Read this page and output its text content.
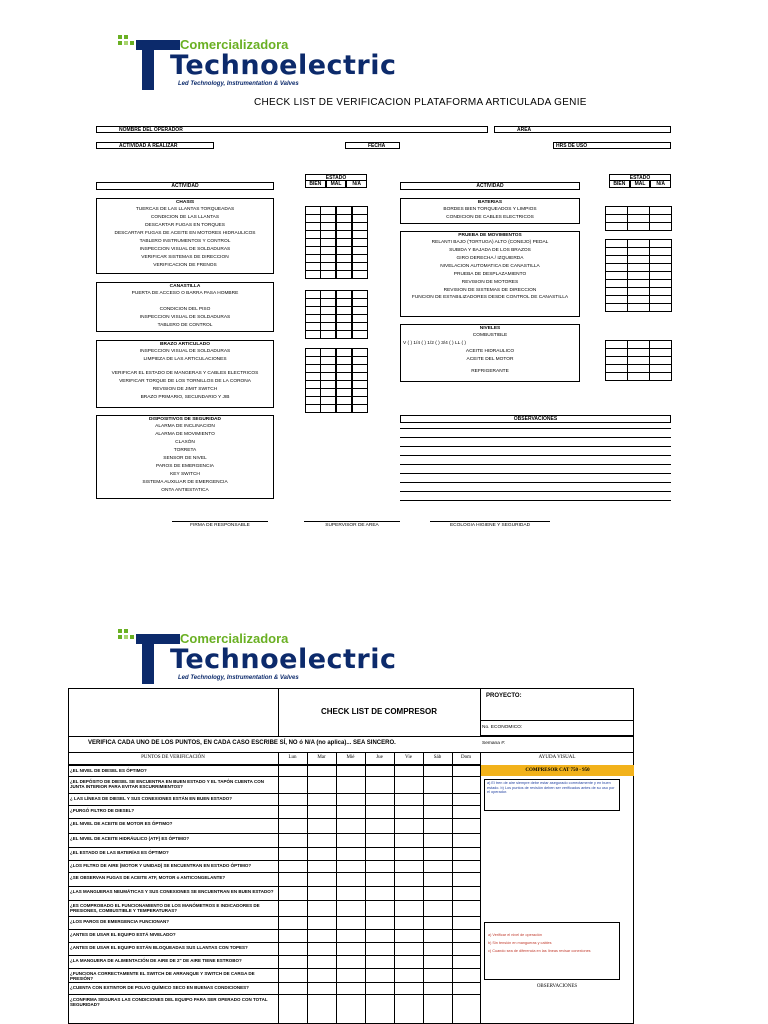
Comercializadora
Technoelectric
Led Technology, Instrumentation & Valves
CHECK LIST DE VERIFICACION PLATAFORMA ARTICULADA GENIE
NOMBRE DEL OPERADOR	AREA
ACTIVIDAD A REALIZAR	FECHA	HRS DE USO
ESTADO
BIEN	MAL	N/A
ESTADO
BIEN	MAL	N/A
ACTIVIDAD	ACTIVIDAD
CHASIS
TUERCAS DE LAS LLANTAS TORQUEADAS
CONDICION DE LAS LLANTAS
DESCARTAR FUGAS EN TORQUES
DESCARTAR FUGAS DE ACEITE EN MOTORES HIDRAULICOS
TABLERO INSTRUMENTOS Y CONTROL
INSPECCION VISUAL DE SOLDADURAS
VERIFICAR SISTEMAS DE DIRECCION
VERIFICACION DE FRENOS
CANASTILLA
PUERTA DE ACCESO O BARRA PASA HOMBRE
CONDICION DEL PISO
INSPECCION VISUAL DE SOLDADURAS
TABLERO DE CONTROL
BRAZO ARTICULADO
INSPECCION VISUAL DE SOLDADURAS
LIMPIEZA DE LAS ARTICULACIONES
VERIFICAR EL ESTADO DE MANGERAS Y CABLES ELECTRICOS
VERIFICAR TORQUE DE LOS TORNILLOS DE LA CORONA
REVISION DE JIMIT SWITCH
BRAZO PRIMARIO, SECUNDARIO Y JIB
DISPOSITIVOS DE SEGURIDAD
ALARMA DE INCLINACION
ALARMA DE MOVIMIENTO
CLAXÓN
TORRETA
SENSOR DE NIVEL
PAROS DE EMERGENCIA
KEY SWITCH
SISTEMA AUXILIAR DE EMERGENCIA
ONTA ANTIESTATICA
BATERIAS
BORDES BIEN TORQUEADOS Y LIMPIOS
CONDICION DE CABLES ELECTRICOS
PRUEBA DE MOVIMIENTOS
RELANTI BAJO (TORTUGA) ALTO (CONEJO) PEDAL
SUBIDA Y BAJADA DE LOS BRAZOS
GIRO DERECHA / IZQUIERDA
NIVELACION AUTOMATICA DE CANASTILLA
PRUEBA DE DESPLAZAMIENTO
REVISION DE MOTORES
REVISION DE SISTEMAS DE DIRECCION
FUNCION DE ESTABILIZADORES DESDE CONTROL DE CANASTILLA
NIVELES
COMBUSTIBLE
V ( ) 1/4 ( ) 1/2 ( ) 3/4 ( ) LL ( )
ACEITE HIDRAULICO
ACEITE DEL MOTOR
REFRIGERANTE
OBSERVACIONES
FIRMA DE RESPONSABLE	SUPERVISOR DE AREA	ECOLOGIA HIGIENE Y SEGURIDAD
Comercializadora
Technoelectric
Led Technology, Instrumentation & Valves
CHECK LIST DE COMPRESOR
PROYECTO:
No. ECONOMICO:
VERIFICA CADA UNO DE LOS PUNTOS, EN CADA CASO ESCRIBE SÍ, NO ó N/A (no aplica)... SEA SINCERO.	Semana #:
PUNTOS DE VERIFICACIÓN	AYUDA VISUAL
Lun	Mar	Mié	Jue	Vie	Sáb	Dom
COMPRESOR CAT 750 - 950
a) El tren de aire siempre debe estar asegurado correctamente y en buen estado. b) Los puntos de revisión deben ser verificados antes de su uso por el operador.
a) Verificar el nivel de operación
b) Sin tensión en mangueras y cables
c) Cuando sea de diferencia en las líneas revisar conexiones
OBSERVACIONES
¿EL NIVEL DE DIESEL ES ÓPTIMO?
¿EL DEPÓSITO DE DIESEL SE ENCUENTRA EN BUEN ESTADO Y EL TAPÓN CUENTA CON JUNTA INTERIOR PARA EVITAR ESCURRIMIENTOS?
¿ LAS LÍNEAS DE DIESEL Y SUS CONEXIONES ESTÁN EN BUEN ESTADO?
¿PURGÓ FILTRO DE DIESEL?
¿EL NIVEL DE ACEITE DE MOTOR ES ÓPTIMO?
¿EL NIVEL DE ACEITE HIDRÁULICO (ATF) ES ÓPTIMO?
¿EL ESTADO DE LAS BATERÍAS ES ÓPTIMO?
¿LOS FILTRO DE AIRE (MOTOR Y UNIDAD) SE ENCUENTRAN EN ESTADO ÓPTIMO?
¿SE OBSERVAN FUGAS DE ACEITE ATF, MOTOR o ANTICONGELANTE?
¿LAS MANGUERAS NEUMÁTICAS Y SUS CONEXIONES SE ENCUENTRAN EN BUEN ESTADO?
¿ES COMPROBADO EL FUNCIONAMIENTO DE LOS MANÓMETROS E INDICADORES DE PRESIONES, COMBUSTIBLE Y TEMPERATURAS?
¿LOS PAROS DE EMERGENCIA FUNCIONAN?
¿ANTES DE USAR EL EQUIPO ESTÁ NIVELADO?
¿ANTES DE USAR EL EQUIPO ESTÁN BLOQUEADAS SUS LLANTAS CON TOPES?
¿LA MANGUERA DE ALIMENTACIÓN DE AIRE DE 2" DE AIRE TIENE ESTROBO?
¿FUNCIONA CORRECTAMENTE EL SWITCH DE ARRANQUE Y SWITCH DE CARGA DE PRESIÓN?
¿CUENTA CON EXTINTOR DE POLVO QUÍMICO SECO EN BUENAS CONDICIONES?
¿CONFIRMA SEGURAS LAS CONDICIONES DEL EQUIPO PARA SER OPERADO CON TOTAL SEGURIDAD?
